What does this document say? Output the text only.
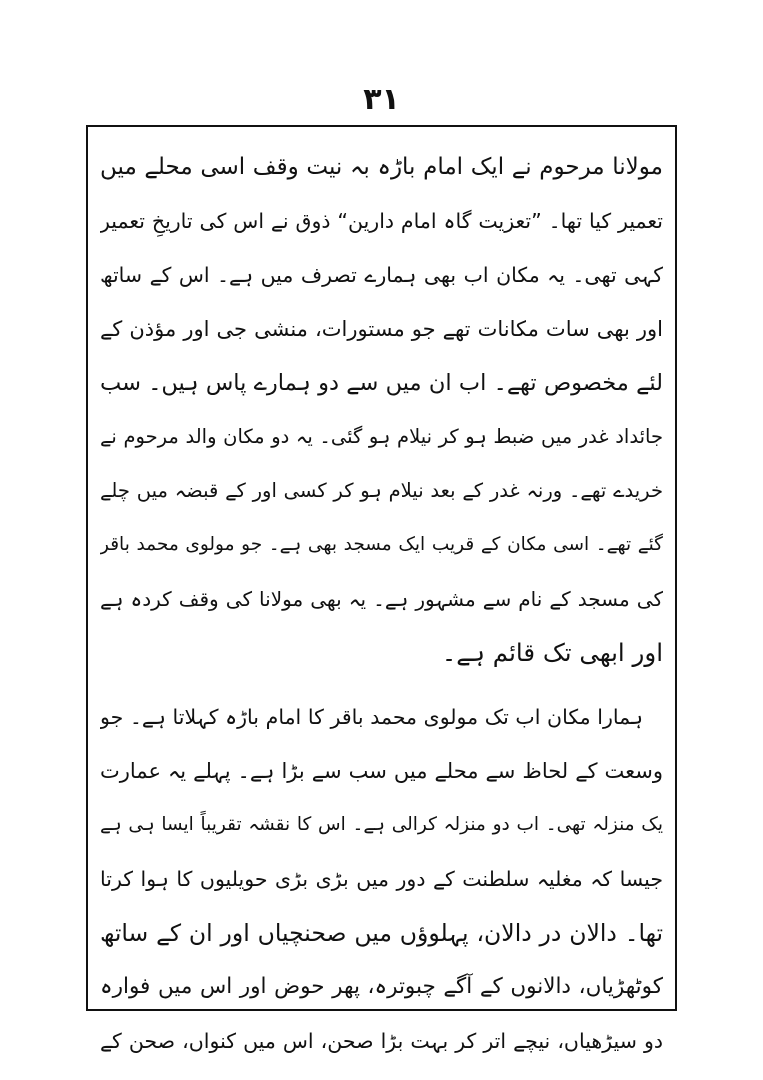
۳۱
مولانا مرحوم نے ایک امام باڑہ بہ نیت وقف اسی محلے میں
تعمیر کیا تھا۔ ”تعزیت گاہ امام دارین“ ذوق نے اس کی تاریخِ تعمیر
کہی تھی۔ یہ مکان اب بھی ہمارے تصرف میں ہے۔ اس کے ساتھ
اور بھی سات مکانات تھے جو مستورات، منشی جی اور مؤذن کے
لئے مخصوص تھے۔ اب ان میں سے دو ہمارے پاس ہیں۔ سب
جائداد غدر میں ضبط ہو کر نیلام ہو گئی۔ یہ دو مکان والد مرحوم نے
خریدے تھے۔ ورنہ غدر کے بعد نیلام ہو کر کسی اور کے قبضہ میں چلے
گئے تھے۔ اسی مکان کے قریب ایک مسجد بھی ہے۔ جو مولوی محمد باقر
کی مسجد کے نام سے مشہور ہے۔ یہ بھی مولانا کی وقف کردہ ہے
اور ابھی تک قائم ہے۔
ہمارا مکان اب تک مولوی محمد باقر کا امام باڑہ کہلاتا ہے۔ جو
وسعت کے لحاظ سے محلے میں سب سے بڑا ہے۔ پہلے یہ عمارت
یک منزلہ تھی۔ اب دو منزلہ کرالی ہے۔ اس کا نقشہ تقریباً ایسا ہی ہے
جیسا کہ مغلیہ سلطنت کے دور میں بڑی بڑی حویلیوں کا ہوا کرتا
تھا۔ دالان در دالان، پہلوؤں میں صحنچیاں اور ان کے ساتھ
کوٹھڑیاں، دالانوں کے آگے چبوترہ، پھر حوض اور اس میں فوارہ
دو سیڑھیاں، نیچے اتر کر بہت بڑا صحن، اس میں کنواں، صحن کے
